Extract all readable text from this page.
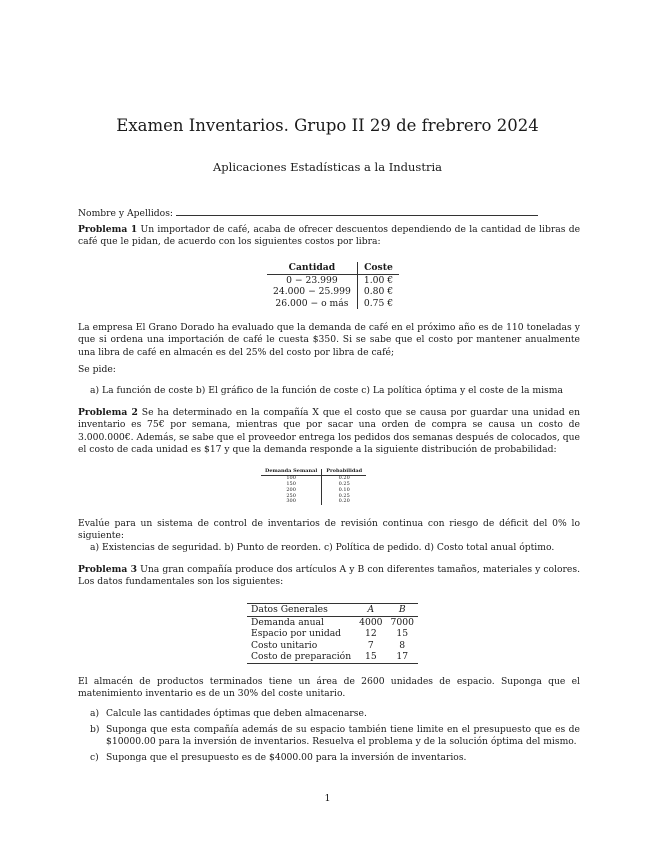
Examen Inventarios. Grupo II 29 de frebrero 2024
Aplicaciones Estadísticas a la Industria
Nombre y Apellidos:
Problema 1 Un importador de café, acaba de ofrecer descuentos dependiendo de la cantidad de libras de café que le pidan, de acuerdo con los siguientes costos por libra:
Cantidad	Coste
0 − 23.999	1.00 €
24.000 − 25.999	0.80 €
26.000 − o más	0.75 €
La empresa El Grano Dorado ha evaluado que la demanda de café en el próximo año es de 110 toneladas y que si ordena una importación de café le cuesta $350. Si se sabe que el costo por mantener anualmente una libra de café en almacén es del 25% del costo por libra de café;
Se pide:
a) La función de coste b) El gráfico de la función de coste c) La política óptima y el coste de la misma
Problema 2 Se ha determinado en la compañía X que el costo que se causa por guardar una unidad en inventario es 75€ por semana, mientras que por sacar una orden de compra se causa un costo de 3.000.000€. Además, se sabe que el proveedor entrega los pedidos dos semanas después de colocados, que el costo de cada unidad es $17 y que la demanda responde a la siguiente distribución de probabilidad:
Demanda Semanal	Probabilidad
100	0.20
150	0.25
200	0.10
250	0.25
300	0.20
Evalúe para un sistema de control de inventarios de revisión continua con riesgo de déficit del 0% lo siguiente:
a) Existencias de seguridad. b) Punto de reorden. c) Política de pedido. d) Costo total anual óptimo.
Problema 3 Una gran compañía produce dos artículos A y B con diferentes tamaños, materiales y colores. Los datos fundamentales son los siguientes:
Datos Generales	A	B
Demanda anual	4000	7000
Espacio por unidad	12	15
Costo unitario	7	8
Costo de preparación	15	17
El almacén de productos terminados tiene un área de 2600 unidades de espacio. Suponga que el matenimiento inventario es de un 30% del coste unitario.
a) Calcule las cantidades óptimas que deben almacenarse.
b) Suponga que esta compañía además de su espacio también tiene limite en el presupuesto que es de $10000.00 para la inversión de inventarios. Resuelva el problema y de la solución óptima del mismo.
c) Suponga que el presupuesto es de $4000.00 para la inversión de inventarios.
1
